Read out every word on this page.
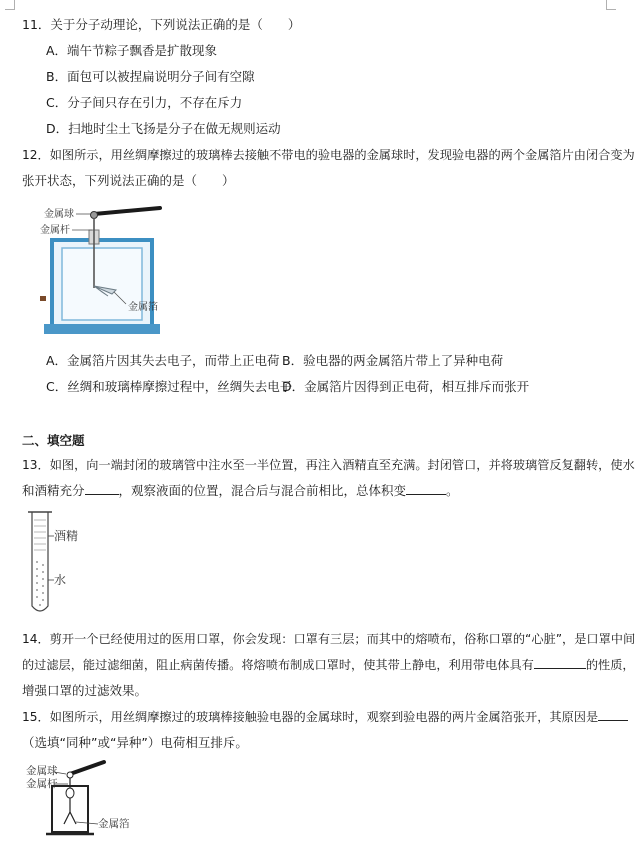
11．关于分子动理论，下列说法正确的是（　　）
A．端午节粽子飘香是扩散现象
B．面包可以被捏扁说明分子间有空隙
C．分子间只存在引力，不存在斥力
D．扫地时尘土飞扬是分子在做无规则运动
12．如图所示，用丝绸摩擦过的玻璃棒去接触不带电的验电器的金属球时，发现验电器的两个金属箔片由闭合变为
张开状态，下列说法正确的是（　　）
金属球
金属杆
金属箔
A．金属箔片因其失去电子，而带上正电荷 B．验电器的两金属箔片带上了异种电荷
C．丝绸和玻璃棒摩擦过程中，丝绸失去电子
D．金属箔片因得到正电荷，相互排斥而张开
二、填空题
13．如图，向一端封闭的玻璃管中注水至一半位置，再注入酒精直至充满。封闭管口，并将玻璃管反复翻转，使水
和酒精充分	，观察液面的位置，混合后与混合前相比，总体积变	。
酒精
水
14．剪开一个已经使用过的医用口罩，你会发现：口罩有三层；而其中的熔喷布，俗称口罩的“心脏”，是口罩中间
的过滤层，能过滤细菌，阻止病菌传播。将熔喷布制成口罩时，使其带上静电，利用带电体具有	的性质，
增强口罩的过滤效果。
15．如图所示，用丝绸摩擦过的玻璃棒接触验电器的金属球时，观察到验电器的两片金属箔张开，其原因是
（选填“同种”或“异种”）电荷相互排斥。
金属球
金属杆
金属箔
